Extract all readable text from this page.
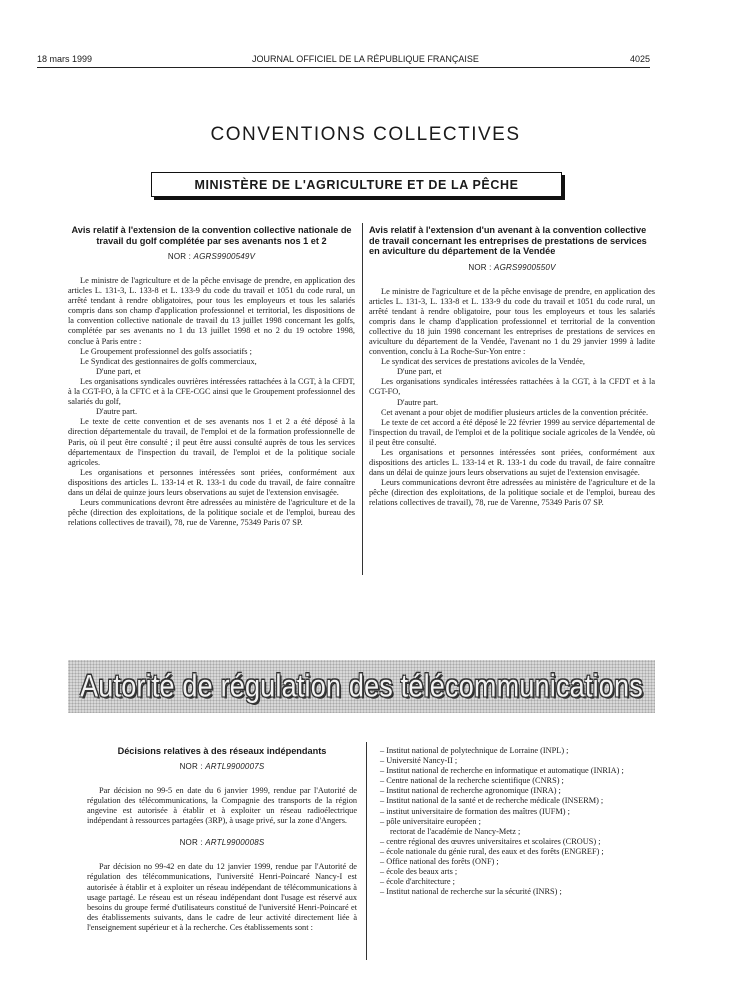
18 mars 1999	JOURNAL OFFICIEL DE LA RÉPUBLIQUE FRANÇAISE	4025
CONVENTIONS COLLECTIVES
MINISTÈRE DE L'AGRICULTURE ET DE LA PÊCHE

Avis relatif à l'extension de la convention collective nationale de travail du golf complétée par ses avenants nos 1 et 2

NOR : AGRS9900549V

Le ministre de l'agriculture et de la pêche envisage de prendre, en application des articles L. 131-3, L. 133-8 et L. 133-9 du code du travail et 1051 du code rural, un arrêté tendant à rendre obligatoires, pour tous les employeurs et tous les salariés compris dans son champ d'application professionnel et territorial, les dispositions de la convention collective nationale de travail du 13 juillet 1998 concernant les golfs, complétée par ses avenants no 1 du 13 juillet 1998 et no 2 du 19 octobre 1998, conclue à Paris entre :

Le Groupement professionnel des golfs associatifs ;

Le Syndicat des gestionnaires de golfs commerciaux,

D'une part, et

Les organisations syndicales ouvrières intéressées rattachées à la CGT, à la CFDT, à la CGT-FO, à la CFTC et à la CFE-CGC ainsi que le Groupement professionnel des salariés du golf,

D'autre part.

Le texte de cette convention et de ses avenants nos 1 et 2 a été déposé à la direction départementale du travail, de l'emploi et de la formation professionnelle de Paris, où il peut être consulté ; il peut être aussi consulté auprès de tous les services départementaux de l'inspection du travail, de l'emploi et de la politique sociale agricoles.

Les organisations et personnes intéressées sont priées, conformément aux dispositions des articles L. 133-14 et R. 133-1 du code du travail, de faire connaître dans un délai de quinze jours leurs observations au sujet de l'extension envisagée.

Leurs communications devront être adressées au ministère de l'agriculture et de la pêche (direction des exploitations, de la politique sociale et de l'emploi, bureau des relations collectives de travail), 78, rue de Varenne, 75349 Paris 07 SP.

Avis relatif à l'extension d'un avenant à la convention collective de travail concernant les entreprises de prestations de services en aviculture du département de la Vendée

NOR : AGRS9900550V

Le ministre de l'agriculture et de la pêche envisage de prendre, en application des articles L. 131-3, L. 133-8 et L. 133-9 du code du travail et 1051 du code rural, un arrêté tendant à rendre obligatoire, pour tous les employeurs et tous les salariés compris dans le champ d'application professionnel et territorial de la convention collective du 18 juin 1998 concernant les entreprises de prestations de services en aviculture du département de la Vendée, l'avenant no 1 du 29 janvier 1999 à ladite convention, conclu à La Roche-Sur-Yon entre :

Le syndicat des services de prestations avicoles de la Vendée,

D'une part, et

Les organisations syndicales intéressées rattachées à la CGT, à la CFDT et à la CGT-FO,

D'autre part.

Cet avenant a pour objet de modifier plusieurs articles de la convention précitée.

Le texte de cet accord a été déposé le 22 février 1999 au service départemental de l'inspection du travail, de l'emploi et de la politique sociale agricoles de la Vendée, où il peut être consulté.

Les organisations et personnes intéressées sont priées, conformément aux dispositions des articles L. 133-14 et R. 133-1 du code du travail, de faire connaître dans un délai de quinze jours leurs observations au sujet de l'extension envisagée.

Leurs communications devront être adressées au ministère de l'agriculture et de la pêche (direction des exploitations, de la politique sociale et de l'emploi, bureau des relations collectives de travail), 78, rue de Varenne, 75349 Paris 07 SP.

Autorité de régulation des télécommunications

Décisions relatives à des réseaux indépendants

NOR : ARTL9900007S

Par décision no 99-5 en date du 6 janvier 1999, rendue par l'Autorité de régulation des télécommunications, la Compagnie des transports de la région angevine est autorisée à établir et à exploiter un réseau radioélectrique indépendant à ressources partagées (3RP), à usage privé, sur la zone d'Angers.

NOR : ARTL9900008S

Par décision no 99-42 en date du 12 janvier 1999, rendue par l'Autorité de régulation des télécommunications, l'université Henri-Poincaré Nancy-I est autorisée à établir et à exploiter un réseau indépendant de télécommunications à usage partagé. Le réseau est un réseau indépendant dont l'usage est réservé aux besoins du groupe fermé d'utilisateurs constitué de l'université Henri-Poincaré et des établissements suivants, dans le cadre de leur activité directement liée à l'enseignement supérieur et à la recherche. Ces établissements sont :

– Institut national de polytechnique de Lorraine (INPL) ;
– Université Nancy-II ;
– Institut national de recherche en informatique et automatique (INRIA) ;
– Centre national de la recherche scientifique (CNRS) ;
– Institut national de recherche agronomique (INRA) ;
– Institut national de la santé et de recherche médicale (INSERM) ;
– institut universitaire de formation des maîtres (IUFM) ;
– pôle universitaire européen ;
rectorat de l'académie de Nancy-Metz ;
– centre régional des œuvres universitaires et scolaires (CROUS) ;
– école nationale du génie rural, des eaux et des forêts (ENGREF) ;
– Office national des forêts (ONF) ;
– école des beaux arts ;
– école d'architecture ;
– Institut national de recherche sur la sécurité (INRS) ;
